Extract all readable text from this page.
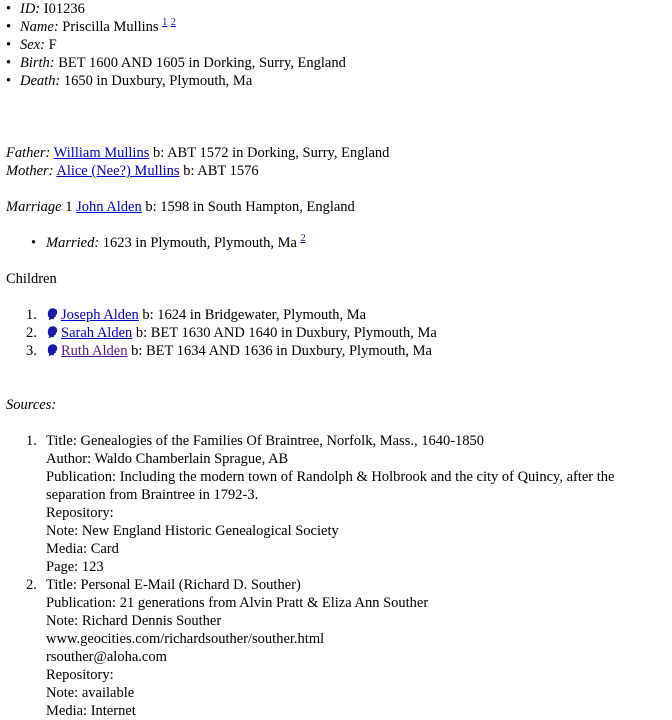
• ID: I01236
• Name: Priscilla Mullins $^1$ $^2$
• Sex: F
• Birth: BET 1600 AND 1605 in Dorking, Surry, England
• Death: 1650 in Duxbury, Plymouth, Ma
Father: William Mullins b: ABT 1572 in Dorking, Surry, England
Mother: Alice (Nee?) Mullins b: ABT 1576
Marriage 1 John Alden b: 1598 in South Hampton, England
• Married: 1623 in Plymouth, Plymouth, Ma $^2$
Children
1. Joseph Alden b: 1624 in Bridgewater, Plymouth, Ma
2. Sarah Alden b: BET 1630 AND 1640 in Duxbury, Plymouth, Ma
3. Ruth Alden b: BET 1634 AND 1636 in Duxbury, Plymouth, Ma
Sources:
1. Title: Genealogies of the Families Of Braintree, Norfolk, Mass., 1640-1850
Author: Waldo Chamberlain Sprague, AB
Publication: Including the modern town of Randolph & Holbrook and the city of Quincy, after the separation from Braintree in 1792-3.
Repository:
Note: New England Historic Genealogical Society
Media: Card
Page: 123
2. Title: Personal E-Mail (Richard D. Souther)
Publication: 21 generations from Alvin Pratt & Eliza Ann Souther
Note: Richard Dennis Souther
www.geocities.com/richardsouther/souther.html
rsouther@aloha.com
Repository:
Note: available
Media: Internet
